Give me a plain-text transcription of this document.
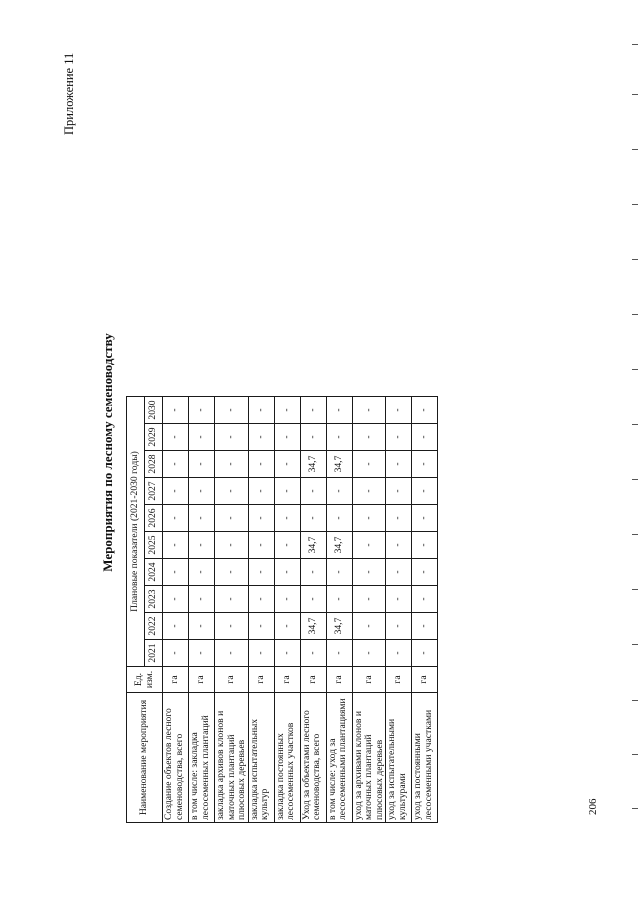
Приложение 11
Мероприятия по лесному семеноводству
Наименование мероприятия	Ед. изм.	Плановые показатели (2021-2030 годы)									
		2021	2022	2023	2024	2025	2026	2027	2028	2029	2030
Создание объектов лесного семеноводства, всего	га	-	-	-	-	-	-	-	-	-	-
в том числе: закладка лесосеменных плантаций	га	-	-	-	-	-	-	-	-	-	-
закладка архивов клонов и маточных плантаций плюсовых деревьев	га	-	-	-	-	-	-	-	-	-	-
закладка испытательных культур	га	-	-	-	-	-	-	-	-	-	-
закладка постоянных лесосеменных участков	га	-	-	-	-	-	-	-	-	-	-
Уход за объектами лесного семеноводства, всего	га	-	34,7	-	-	34,7	-	-	34,7	-	-
в том числе: уход за лесосеменными плантациями	га	-	34,7	-	-	34,7	-	-	34,7	-	-
уход за архивами клонов и маточных плантаций плюсовых деревьев	га	-	-	-	-	-	-	-	-	-	-
уход за испытательными культурами	га	-	-	-	-	-	-	-	-	-	-
уход за постоянными лесосеменными участками	га	-	-	-	-	-	-	-	-	-	-
206
